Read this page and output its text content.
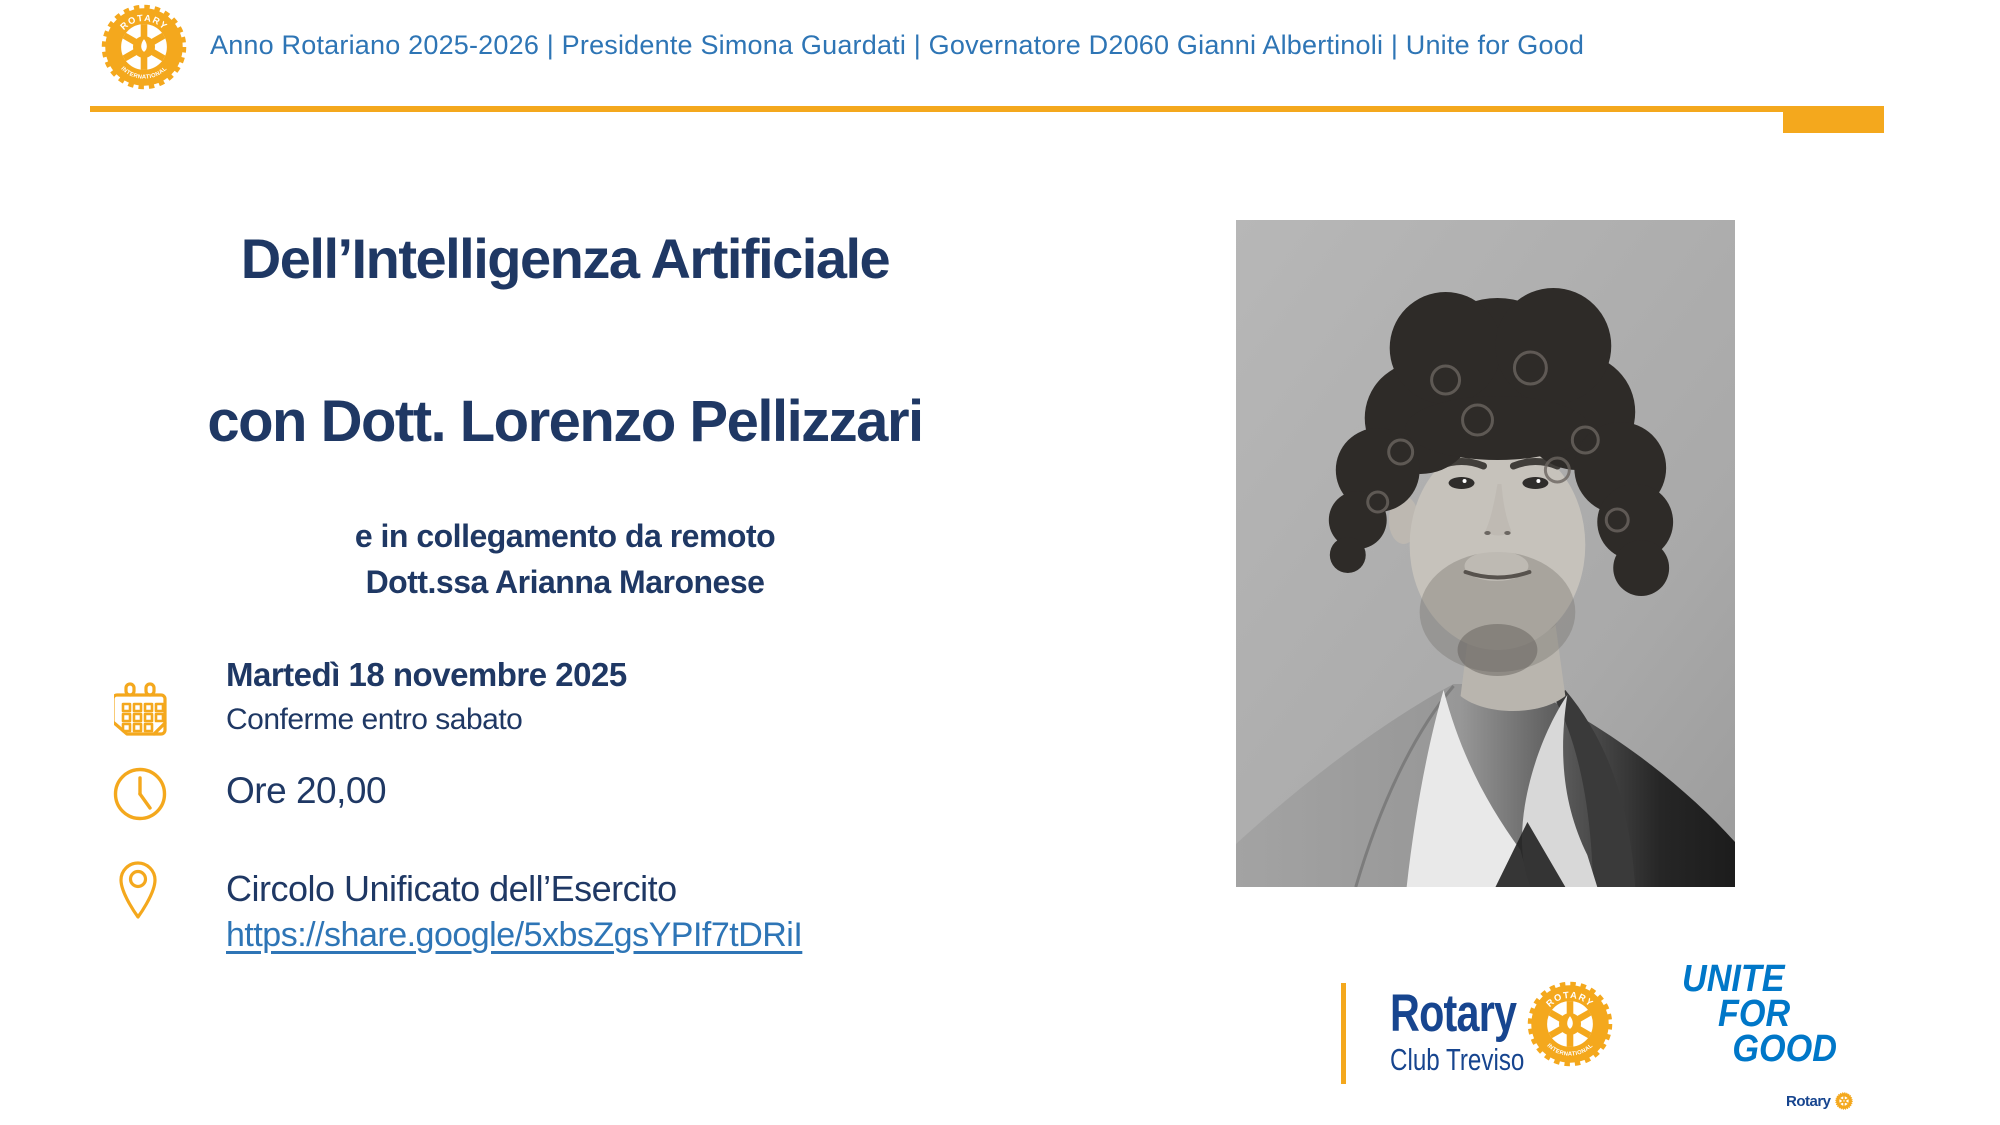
ROTARY
INTERNATIONAL
Anno Rotariano 2025-2026 | Presidente Simona Guardati | Governatore D2060 Gianni Albertinoli | Unite for Good
Dell’Intelligenza Artificiale
con Dott. Lorenzo Pellizzari
e in collegamento da remoto
Dott.ssa Arianna Maronese
Martedì 18 novembre 2025
Conferme entro sabato
Ore 20,00
Circolo Unificato dell’Esercito
https://share.google/5xbsZgsYPIf7tDRiI
Rotary
Club Treviso
ROTARY
INTERNATIONAL
UNITE
FOR
GOOD
Rotary
